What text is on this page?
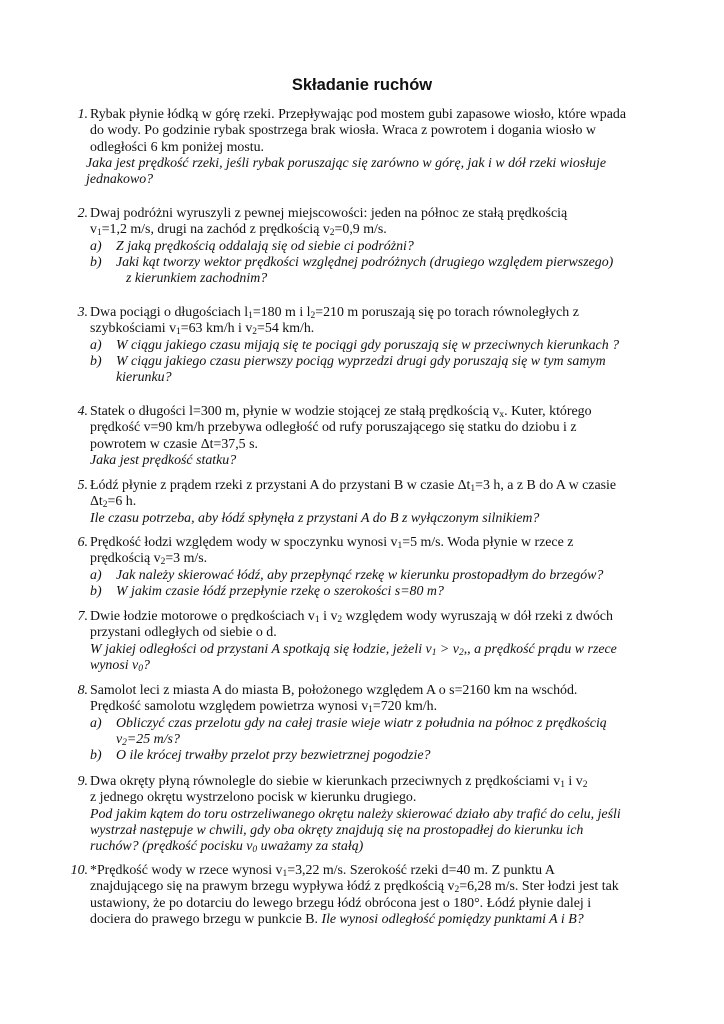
Składanie ruchów
1. Rybak płynie łódką w górę rzeki. Przepływając pod mostem gubi zapasowe wiosło, które wpada
do wody. Po godzinie rybak spostrzega brak wiosła. Wraca z powrotem i dogania wiosło w
odległości 6 km poniżej mostu.
Jaka jest prędkość rzeki, jeśli rybak poruszając się zarówno w górę, jak i w dół rzeki wiosłuje
jednakowo?
2. Dwaj podróżni wyruszyli z pewnej miejscowości: jeden na północ ze stałą prędkością
$v_1=1,2$ m/s, drugi na zachód z prędkością $v_2=0,9$ m/s.
a) Z jaką prędkością oddalają się od siebie ci podróżni?
b) Jaki kąt tworzy wektor prędkości względnej podróżnych (drugiego względem pierwszego)
z kierunkiem zachodnim?
3. Dwa pociągi o długościach $l_1=180$ m i $l_2=210$ m poruszają się po torach równoległych z
szybkościami $v_1=63$ km/h i $v_2=54$ km/h.
a) W ciągu jakiego czasu mijają się te pociągi gdy poruszają się w przeciwnych kierunkach ?
b) W ciągu jakiego czasu pierwszy pociąg wyprzedzi drugi gdy poruszają się w tym samym
kierunku?
4. Statek o długości l=300 m, płynie w wodzie stojącej ze stałą prędkością $v_x$. Kuter, którego
prędkość v=90 km/h przebywa odległość od rufy poruszającego się statku do dziobu i z
powrotem w czasie Δt=37,5 s.
Jaka jest prędkość statku?
5. Łódź płynie z prądem rzeki z przystani A do przystani B w czasie $\Delta t_1=3$ h, a z B do A w czasie
$\Delta t_2=6$ h.
Ile czasu potrzeba, aby łódź spłynęła z przystani A do B z wyłączonym silnikiem?
6. Prędkość łodzi względem wody w spoczynku wynosi $v_1=5$ m/s. Woda płynie w rzece z
prędkością $v_2=3$ m/s.
a) Jak należy skierować łódź, aby przepłynąć rzekę w kierunku prostopadłym do brzegów?
b) W jakim czasie łódź przepłynie rzekę o szerokości s=80 m?
7. Dwie łodzie motorowe o prędkościach $v_1$ i $v_2$ względem wody wyruszają w dół rzeki z dwóch
przystani odległych od siebie o d.
W jakiej odległości od przystani A spotkają się łodzie, jeżeli $v_1 > v_2$,, a prędkość prądu w rzece
wynosi $v_0$?
8. Samolot leci z miasta A do miasta B, położonego względem A o s=2160 km na wschód.
Prędkość samolotu względem powietrza wynosi $v_1=720$ km/h.
a) Obliczyć czas przelotu gdy na całej trasie wieje wiatr z południa na północ z prędkością
$v_2=25$ m/s?
b) O ile krócej trwałby przelot przy bezwietrznej pogodzie?
9. Dwa okręty płyną równolegle do siebie w kierunkach przeciwnych z prędkościami $v_1$ i $v_2$
z jednego okrętu wystrzelono pocisk w kierunku drugiego.
Pod jakim kątem do toru ostrzeliwanego okrętu należy skierować działo aby trafić do celu, jeśli
wystrzał następuje w chwili, gdy oba okręty znajdują się na prostopadłej do kierunku ich
ruchów? (prędkość pocisku $v_0$ uważamy za stałą)
10. *Prędkość wody w rzece wynosi $v_1=3,22$ m/s. Szerokość rzeki d=40 m. Z punktu A
znajdującego się na prawym brzegu wypływa łódź z prędkością $v_2=6,28$ m/s. Ster łodzi jest tak
ustawiony, że po dotarciu do lewego brzegu łódź obrócona jest o 180°. Łódź płynie dalej i
dociera do prawego brzegu w punkcie B. Ile wynosi odległość pomiędzy punktami A i B?
